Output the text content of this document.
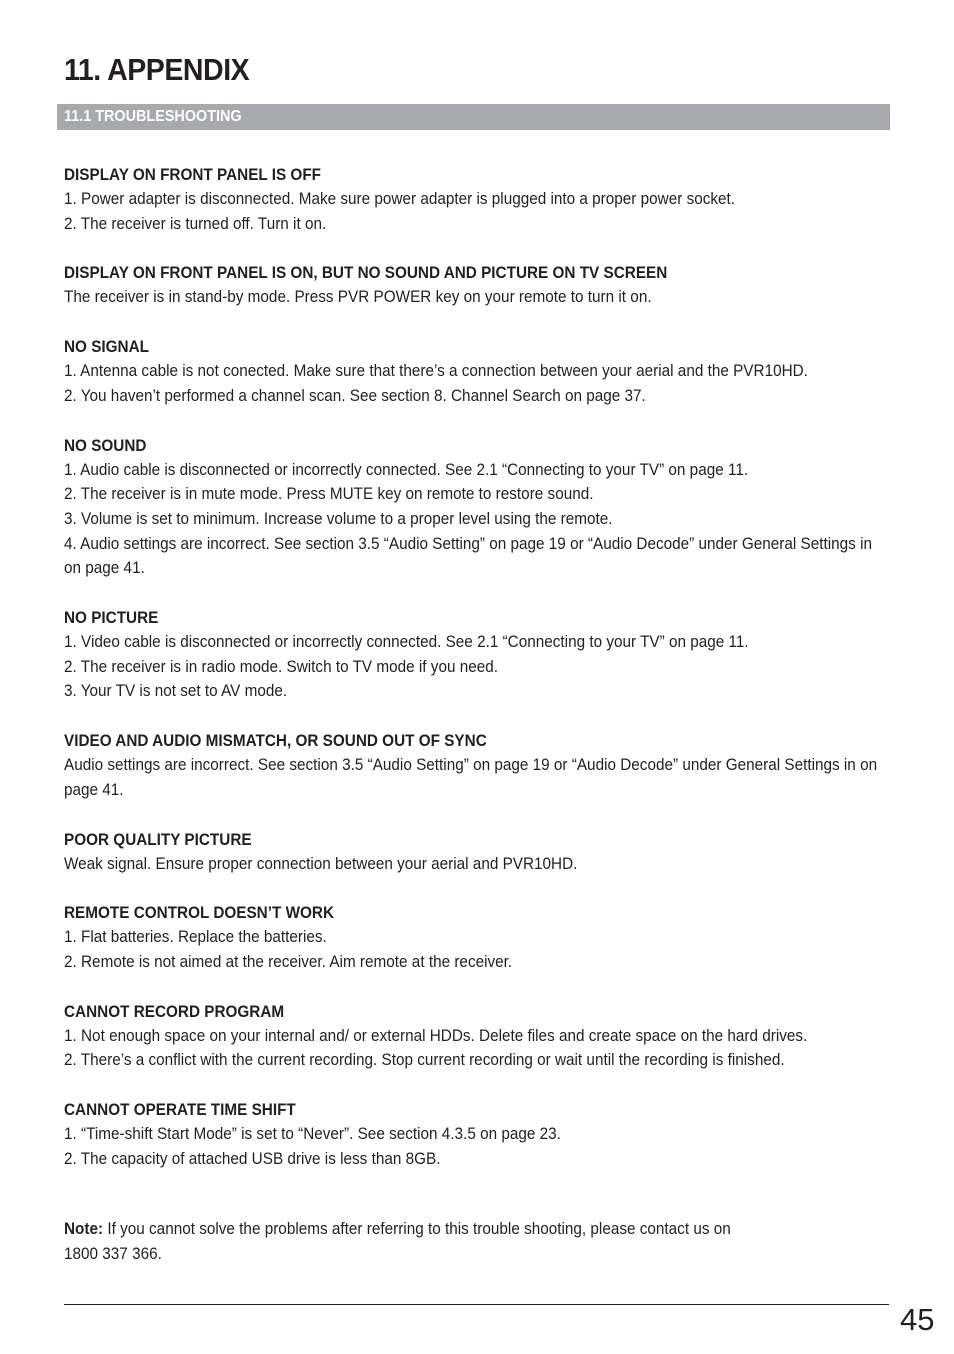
11. APPENDIX
11.1 TROUBLESHOOTING
DISPLAY ON FRONT PANEL IS OFF

1. Power adapter is disconnected. Make sure power adapter is plugged into a proper power socket.

2. The receiver is turned off. Turn it on.

DISPLAY ON FRONT PANEL IS ON, BUT NO SOUND AND PICTURE ON TV SCREEN

The receiver is in stand-by mode. Press PVR POWER key on your remote to turn it on.

NO SIGNAL

1. Antenna cable is not conected. Make sure that there’s a connection between your aerial and the PVR10HD.

2. You haven’t performed a channel scan. See section 8. Channel Search on page 37.

NO SOUND

1. Audio cable is disconnected or incorrectly connected. See 2.1 “Connecting to your TV” on page 11.

2. The receiver is in mute mode. Press MUTE key on remote to restore sound.

3. Volume is set to minimum. Increase volume to a proper level using the remote.

4. Audio settings are incorrect. See section 3.5 “Audio Setting” on page 19 or “Audio Decode” under General Settings in on page 41.

NO PICTURE

1. Video cable is disconnected or incorrectly connected. See 2.1 “Connecting to your TV” on page 11.

2. The receiver is in radio mode. Switch to TV mode if you need.

3. Your TV is not set to AV mode.

VIDEO AND AUDIO MISMATCH, OR SOUND OUT OF SYNC

Audio settings are incorrect. See section 3.5 “Audio Setting” on page 19 or “Audio Decode” under General Settings in on page 41.

POOR QUALITY PICTURE

Weak signal. Ensure proper connection between your aerial and PVR10HD.

REMOTE CONTROL DOESN’T WORK

1. Flat batteries. Replace the batteries.

2. Remote is not aimed at the receiver. Aim remote at the receiver.

CANNOT RECORD PROGRAM

1. Not enough space on your internal and/ or external HDDs. Delete files and create space on the hard drives.

2. There’s a conflict with the current recording. Stop current recording or wait until the recording is finished.

CANNOT OPERATE TIME SHIFT

1. “Time-shift Start Mode” is set to “Never”. See section 4.3.5 on page 23.

2. The capacity of attached USB drive is less than 8GB.

Note: If you cannot solve the problems after referring to this trouble shooting, please contact us on
1800 337 366.
45
